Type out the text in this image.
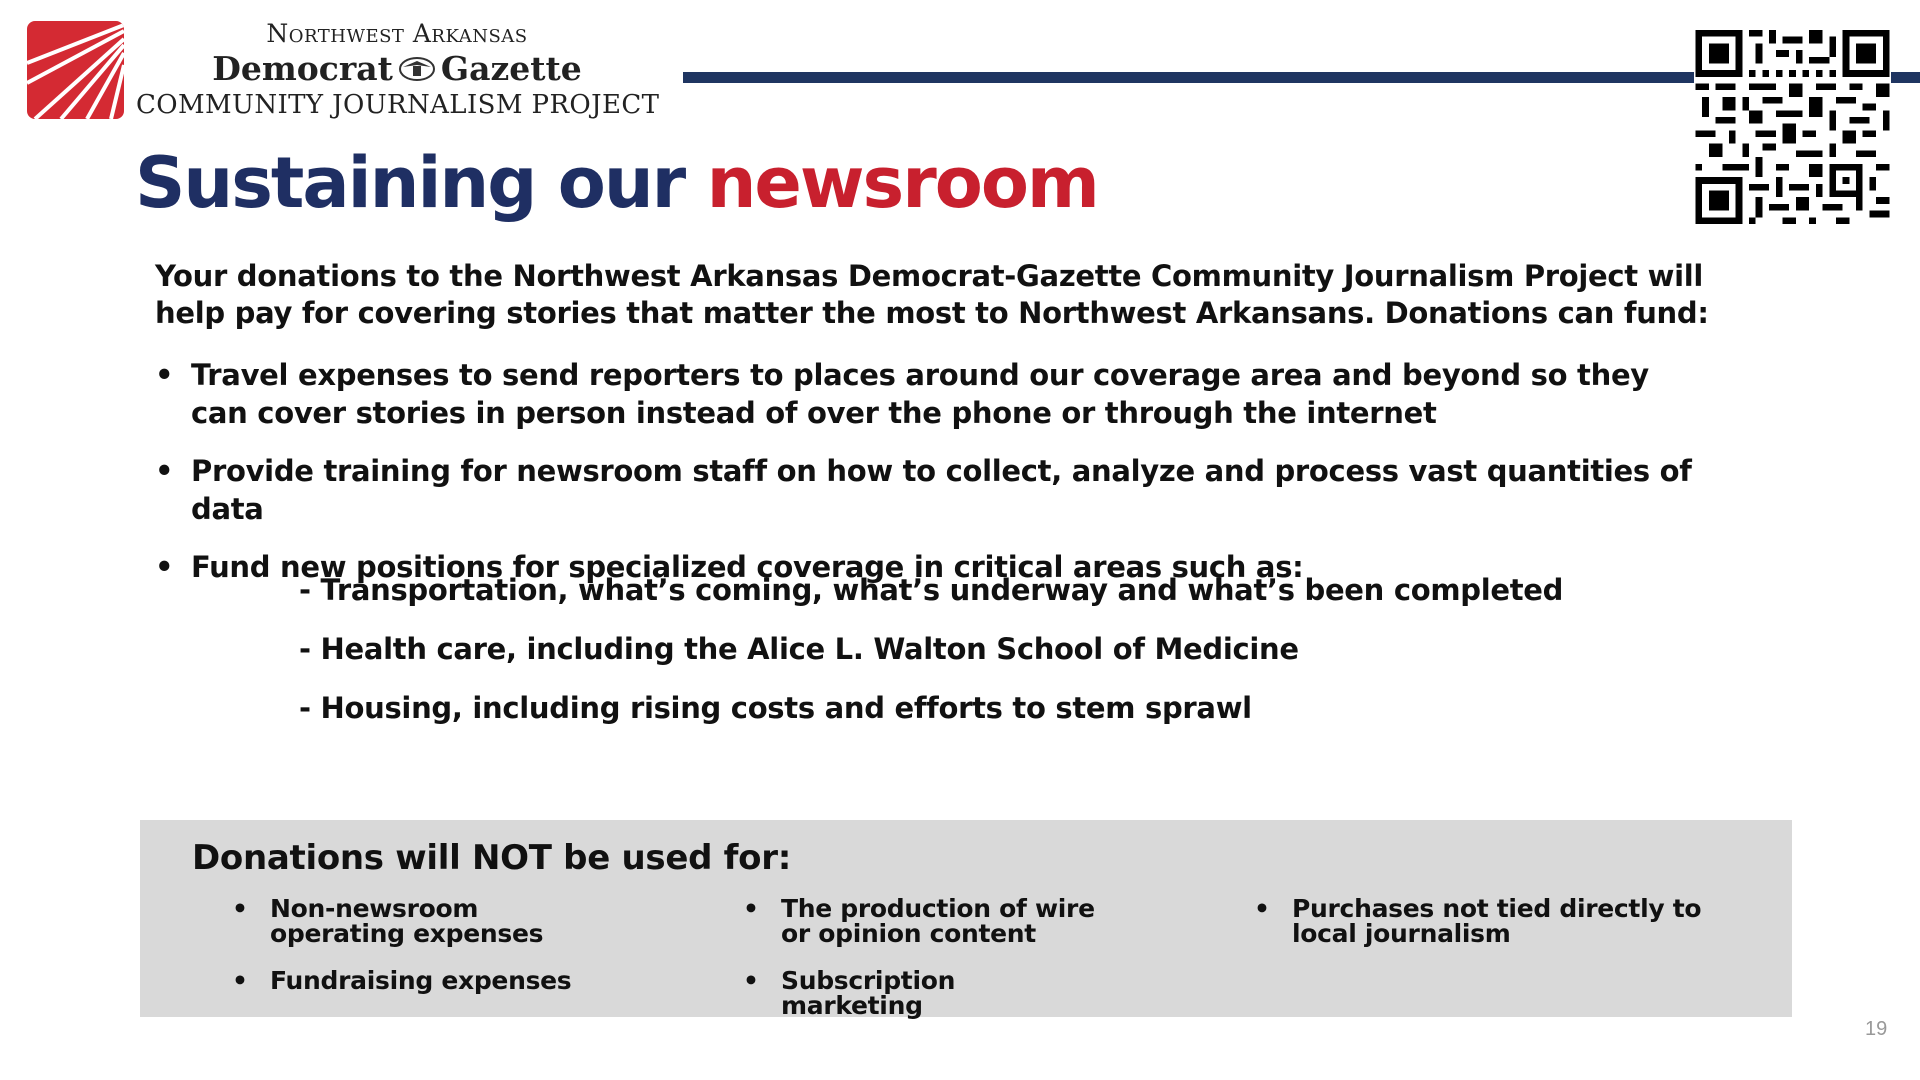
Northwest Arkansas
Democrat Gazette
COMMUNITY JOURNALISM PROJECT
Sustaining our newsroom

Your donations to the Northwest Arkansas Democrat-Gazette Community Journalism Project will help pay for covering stories that matter the most to Northwest Arkansans. Donations can fund:

• Travel expenses to send reporters to places around our coverage area and beyond so they can cover stories in person instead of over the phone or through the internet
• Provide training for newsroom staff on how to collect, analyze and process vast quantities of data
• Fund new positions for specialized coverage in critical areas such as:
- Transportation, what’s coming, what’s underway and what’s been completed
- Health care, including the Alice L. Walton School of Medicine
- Housing, including rising costs and efforts to stem sprawl
Donations will NOT be used for:
• Non-newsroom operating expenses
• Fundraising expenses
• The production of wire or opinion content
• Subscription marketing
• Purchases not tied directly to local journalism
19
